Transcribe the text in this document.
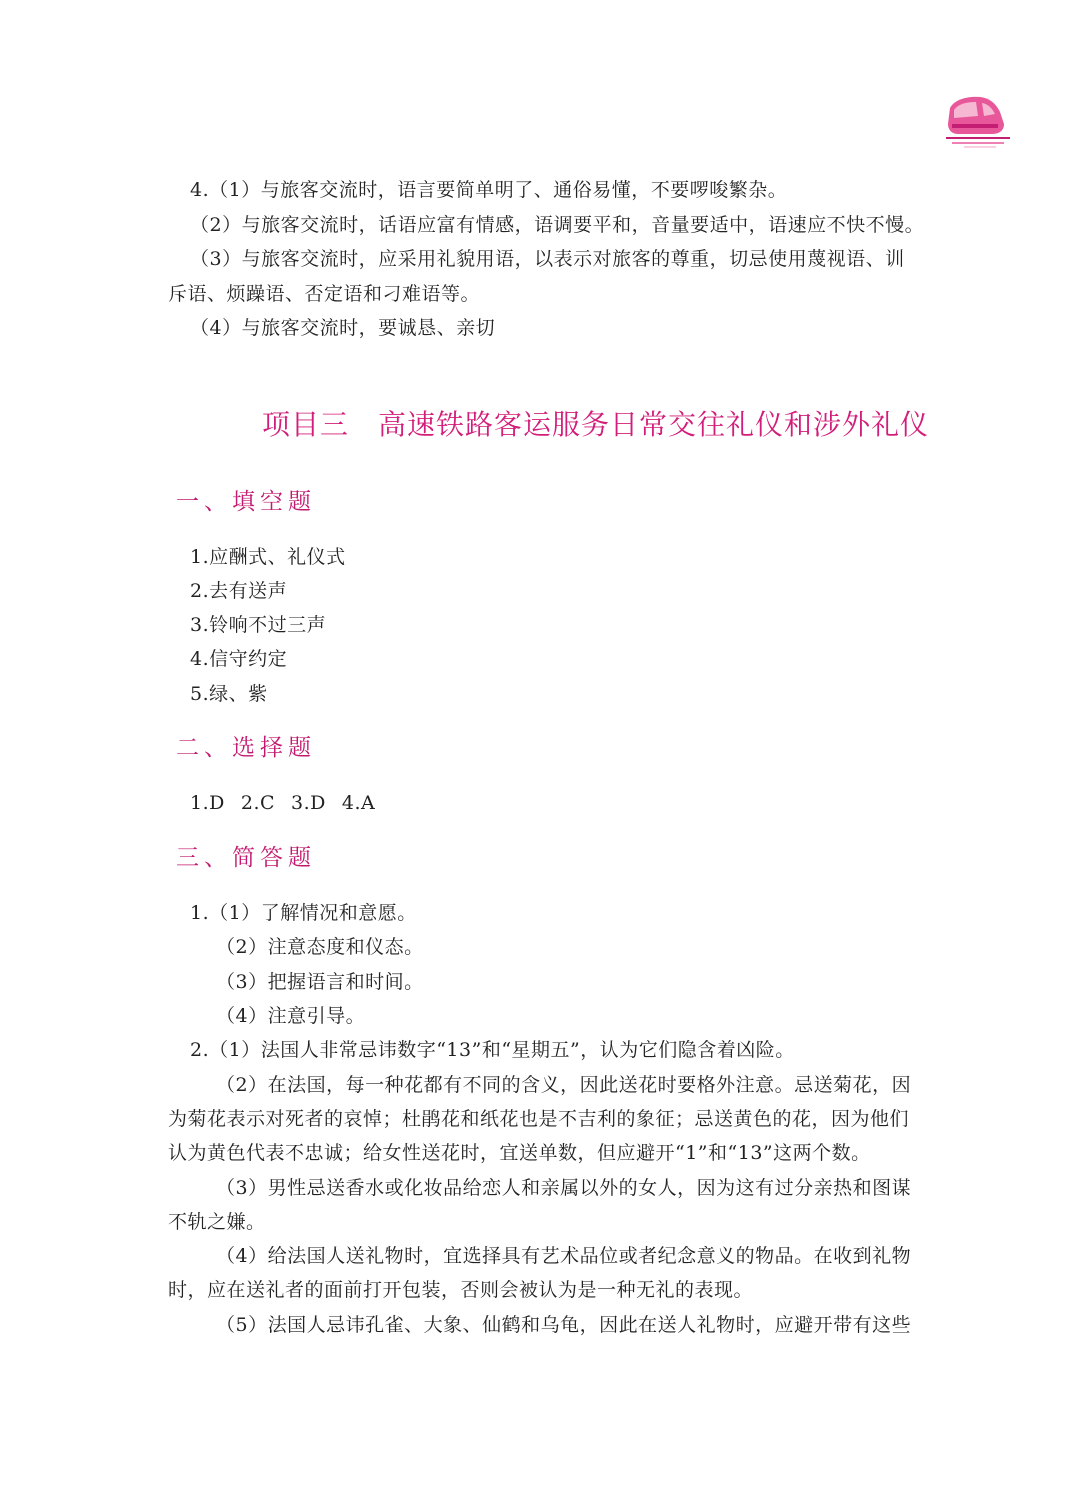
4.（1）与旅客交流时，语言要简单明了、通俗易懂，不要啰唆繁杂。
（2）与旅客交流时，话语应富有情感，语调要平和，音量要适中，语速应不快不慢。
（3）与旅客交流时，应采用礼貌用语，以表示对旅客的尊重，切忌使用蔑视语、训
斥语、烦躁语、否定语和刁难语等。
（4）与旅客交流时，要诚恳、亲切
项目三　高速铁路客运服务日常交往礼仪和涉外礼仪
一、填空题
1.应酬式、礼仪式
2.去有送声
3.铃响不过三声
4.信守约定
5.绿、紫
二、选择题
1.D 2.C 3.D 4.A
三、简答题
1.（1）了解情况和意愿。
（2）注意态度和仪态。
（3）把握语言和时间。
（4）注意引导。
2.（1）法国人非常忌讳数字“13”和“星期五”，认为它们隐含着凶险。
（2）在法国，每一种花都有不同的含义，因此送花时要格外注意。忌送菊花，因
为菊花表示对死者的哀悼；杜鹃花和纸花也是不吉利的象征；忌送黄色的花，因为他们
认为黄色代表不忠诚；给女性送花时，宜送单数，但应避开“1”和“13”这两个数。
（3）男性忌送香水或化妆品给恋人和亲属以外的女人，因为这有过分亲热和图谋
不轨之嫌。
（4）给法国人送礼物时，宜选择具有艺术品位或者纪念意义的物品。在收到礼物
时，应在送礼者的面前打开包装，否则会被认为是一种无礼的表现。
（5）法国人忌讳孔雀、大象、仙鹤和乌龟，因此在送人礼物时，应避开带有这些
